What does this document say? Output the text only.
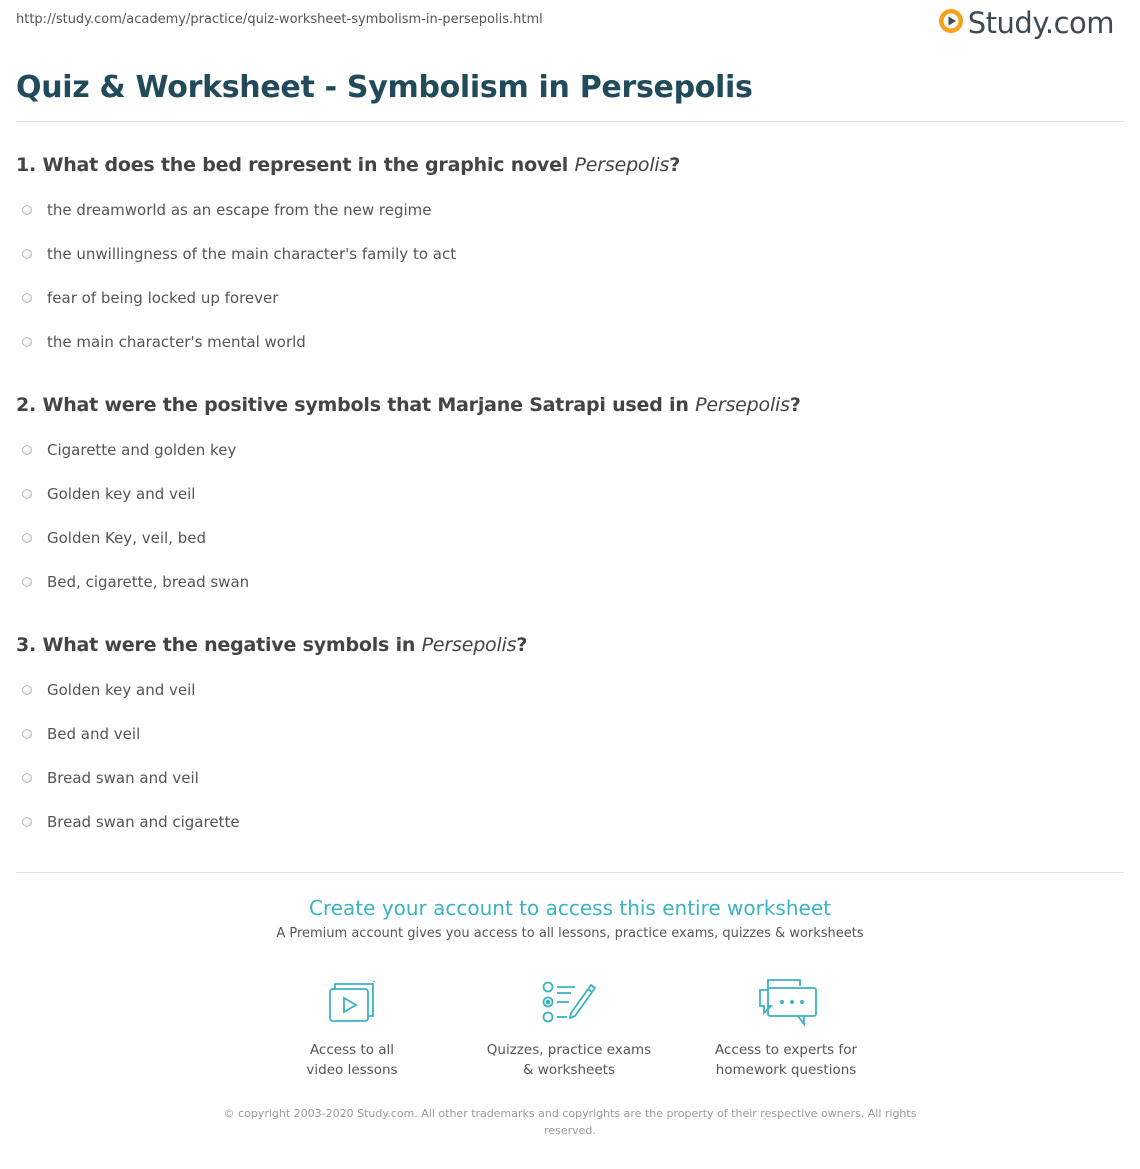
http://study.com/academy/practice/quiz-worksheet-symbolism-in-persepolis.html	Study.com
Quiz & Worksheet - Symbolism in Persepolis

1. What does the bed represent in the graphic novel Persepolis?

the dreamworld as an escape from the new regime
the unwillingness of the main character's family to act
fear of being locked up forever
the main character's mental world

2. What were the positive symbols that Marjane Satrapi used in Persepolis?

Cigarette and golden key
Golden key and veil
Golden Key, veil, bed
Bed, cigarette, bread swan

3. What were the negative symbols in Persepolis?

Golden key and veil
Bed and veil
Bread swan and veil
Bread swan and cigarette

Create your account to access this entire worksheet

A Premium account gives you access to all lessons, practice exams, quizzes & worksheets
Access to all
video lessons
Quizzes, practice exams
& worksheets
Access to experts for
homework questions
© copyright 2003-2020 Study.com. All other trademarks and copyrights are the property of their respective owners. All rights reserved.
